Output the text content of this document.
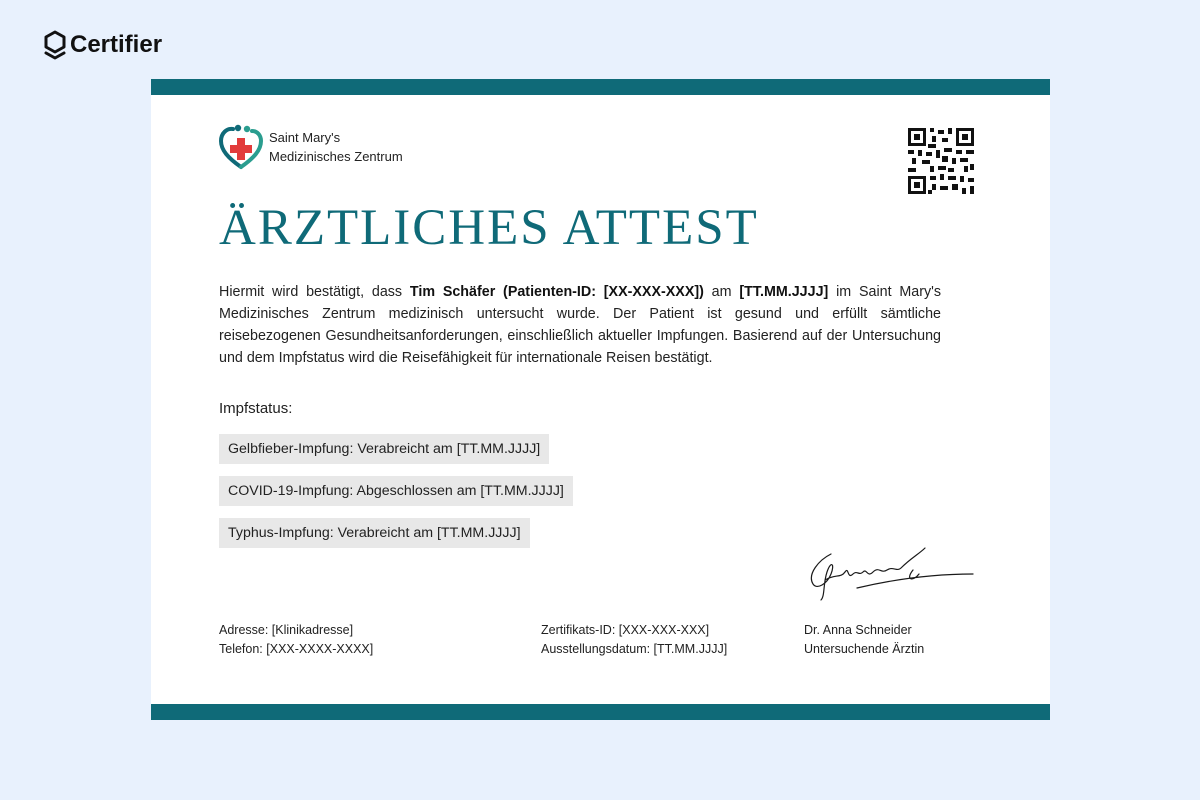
Certifier
Saint Mary's
Medizinisches Zentrum
ÄRZTLICHES ATTEST

Hiermit wird bestätigt, dass Tim Schäfer (Patienten-ID: [XX-XXX-XXX]) am [TT.MM.JJJJ] im Saint Mary's Medizinisches Zentrum medizinisch untersucht wurde. Der Patient ist gesund und erfüllt sämtliche reisebezogenen Gesundheitsanforderungen, einschließlich aktueller Impfungen. Basierend auf der Untersuchung und dem Impfstatus wird die Reisefähigkeit für internationale Reisen bestätigt.

Impfstatus:
Gelbfieber-Impfung: Verabreicht am [TT.MM.JJJJ]
COVID-19-Impfung: Abgeschlossen am [TT.MM.JJJJ]
Typhus-Impfung: Verabreicht am [TT.MM.JJJJ]
Adresse: [Klinikadresse]
Telefon: [XXX-XXXX-XXXX]
Zertifikats-ID: [XXX-XXX-XXX]
Ausstellungsdatum: [TT.MM.JJJJ]
Dr. Anna Schneider
Untersuchende Ärztin
